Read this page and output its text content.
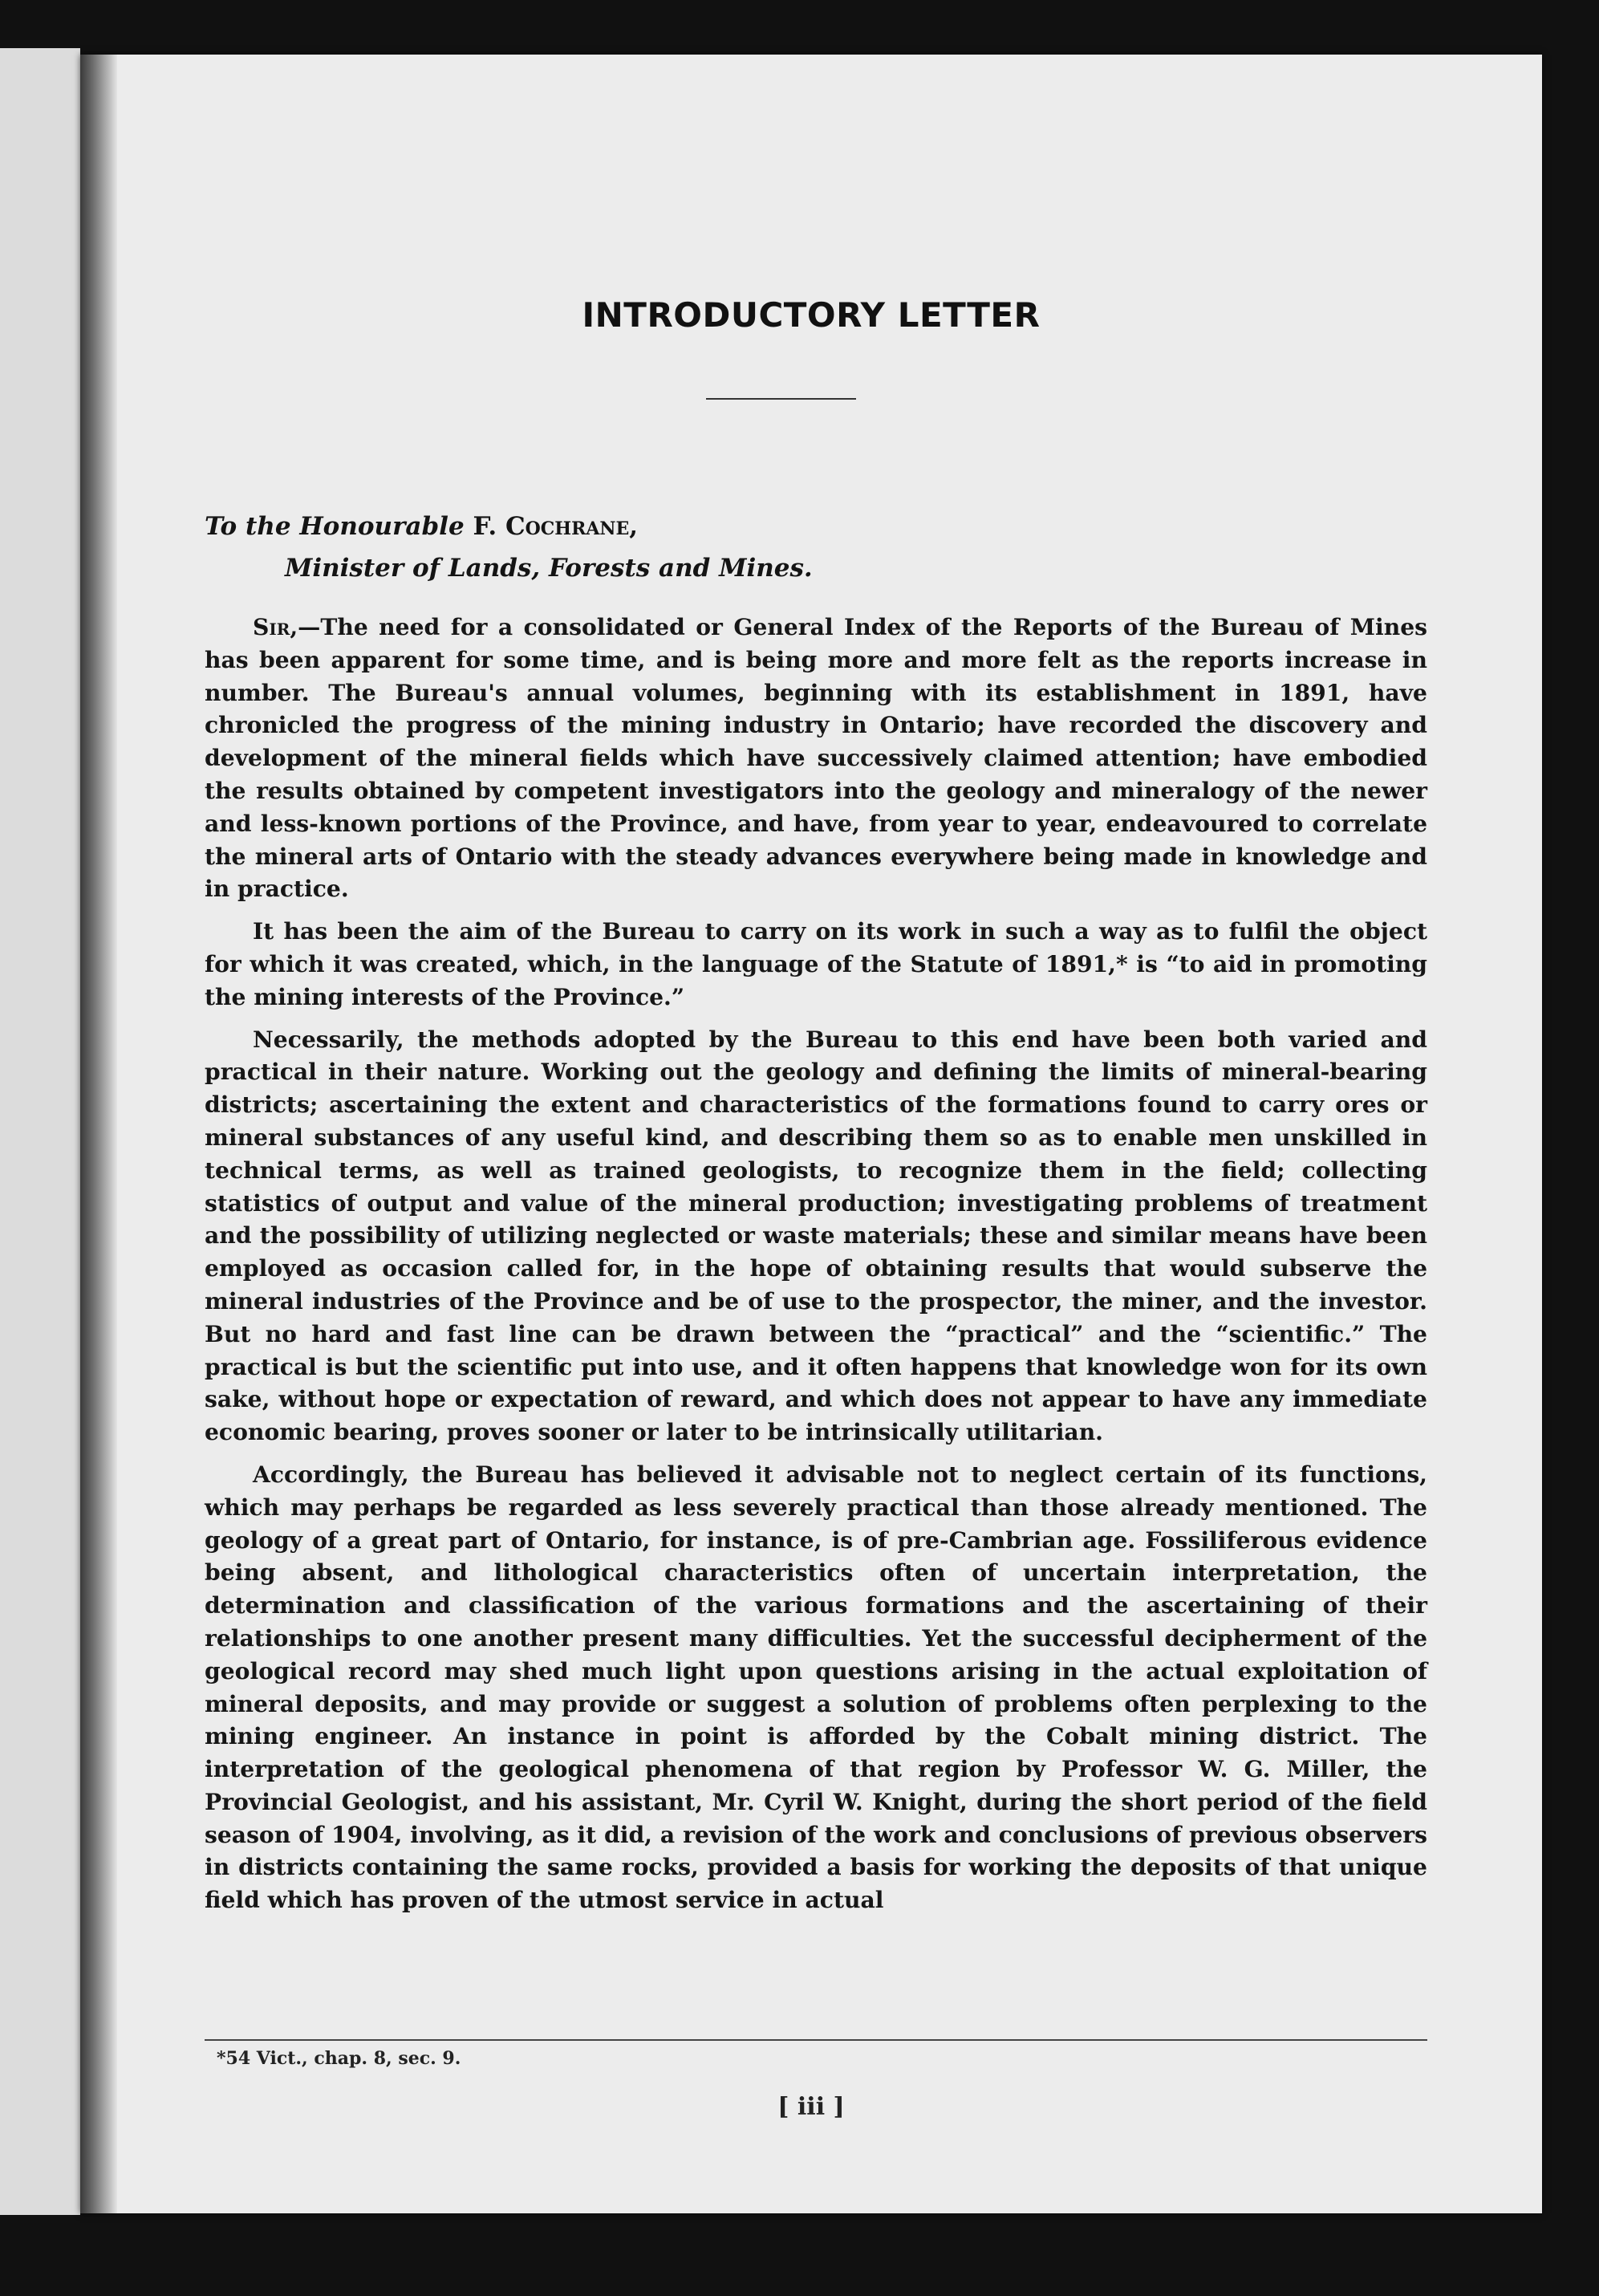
INTRODUCTORY LETTER
To the Honourable F. Cochrane,
Minister of Lands, Forests and Mines.

Sir,—The need for a consolidated or General Index of the Reports of the Bureau of Mines has been apparent for some time, and is being more and more felt as the reports increase in number. The Bureau's annual volumes, beginning with its establishment in 1891, have chronicled the progress of the mining industry in Ontario; have recorded the discovery and development of the mineral fields which have successively claimed attention; have embodied the results obtained by competent investigators into the geology and mineralogy of the newer and less-known portions of the Province, and have, from year to year, endeavoured to correlate the mineral arts of Ontario with the steady advances everywhere being made in knowledge and in practice.

It has been the aim of the Bureau to carry on its work in such a way as to fulfil the object for which it was created, which, in the language of the Statute of 1891,* is “to aid in promoting the mining interests of the Province.”

Necessarily, the methods adopted by the Bureau to this end have been both varied and practical in their nature. Working out the geology and defining the limits of mineral-bearing districts; ascertaining the extent and characteristics of the formations found to carry ores or mineral substances of any useful kind, and describing them so as to enable men unskilled in technical terms, as well as trained geologists, to recognize them in the field; collecting statistics of output and value of the mineral production; investigating problems of treatment and the possibility of utilizing neglected or waste materials; these and similar means have been employed as occasion called for, in the hope of obtaining results that would subserve the mineral industries of the Province and be of use to the prospector, the miner, and the investor. But no hard and fast line can be drawn between the “practical” and the “scientific.” The practical is but the scientific put into use, and it often happens that knowledge won for its own sake, without hope or expectation of reward, and which does not appear to have any immediate economic bearing, proves sooner or later to be intrinsically utilitarian.

Accordingly, the Bureau has believed it advisable not to neglect certain of its functions, which may perhaps be regarded as less severely practical than those already mentioned. The geology of a great part of Ontario, for instance, is of pre-Cambrian age. Fossiliferous evidence being absent, and lithological characteristics often of uncertain interpretation, the determination and classification of the various formations and the ascertaining of their relationships to one another present many difficulties. Yet the successful decipherment of the geological record may shed much light upon questions arising in the actual exploitation of mineral deposits, and may provide or suggest a solution of problems often perplexing to the mining engineer. An instance in point is afforded by the Cobalt mining district. The interpretation of the geological phenomena of that region by Professor W. G. Miller, the Provincial Geologist, and his assistant, Mr. Cyril W. Knight, during the short period of the field season of 1904, involving, as it did, a revision of the work and conclusions of previous observers in districts containing the same rocks, provided a basis for working the deposits of that unique field which has proven of the utmost service in actual

*54 Vict., chap. 8, sec. 9.
[ iii ]
